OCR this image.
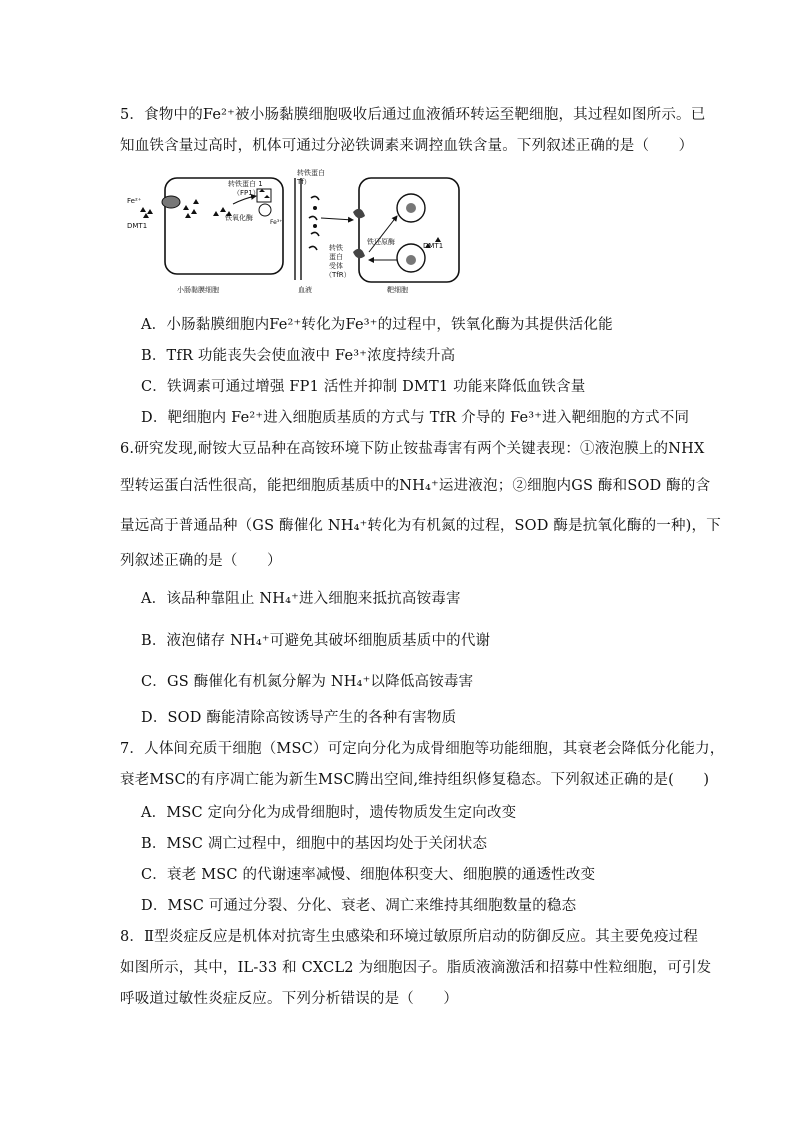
5．食物中的Fe²⁺被小肠黏膜细胞吸收后通过血液循环转运至靶细胞，其过程如图所示。已
知血铁含量过高时，机体可通过分泌铁调素来调控血铁含量。下列叙述正确的是（　　）
Fe²⁺
DMT1
转铁蛋白 1
（FP1）
铁氧化酶
Fe³⁺
转铁蛋白
Tf）
转铁
蛋白
受体
（TfR）
血液
铁还原酶	DMT1
靶细胞
小肠黏膜细胞
A．小肠黏膜细胞内Fe²⁺转化为Fe³⁺的过程中，铁氧化酶为其提供活化能
B．TfR 功能丧失会使血液中 Fe³⁺浓度持续升高
C．铁调素可通过增强 FP1 活性并抑制 DMT1 功能来降低血铁含量
D．靶细胞内 Fe²⁺进入细胞质基质的方式与 TfR 介导的 Fe³⁺进入靶细胞的方式不同
6.研究发现,耐铵大豆品种在高铵环境下防止铵盐毒害有两个关键表现：①液泡膜上的NHX
型转运蛋白活性很高，能把细胞质基质中的NH₄⁺运进液泡；②细胞内GS 酶和SOD 酶的含
量远高于普通品种（GS 酶催化 NH₄⁺转化为有机氮的过程，SOD 酶是抗氧化酶的一种)，下
列叙述正确的是（　　）
A．该品种靠阻止 NH₄⁺进入细胞来抵抗高铵毒害
B．液泡储存 NH₄⁺可避免其破坏细胞质基质中的代谢
C．GS 酶催化有机氮分解为 NH₄⁺以降低高铵毒害
D．SOD 酶能清除高铵诱导产生的各种有害物质
7．人体间充质干细胞（MSC）可定向分化为成骨细胞等功能细胞，其衰老会降低分化能力，
衰老MSC的有序凋亡能为新生MSC腾出空间,维持组织修复稳态。下列叙述正确的是(　　)
A．MSC 定向分化为成骨细胞时，遗传物质发生定向改变
B．MSC 凋亡过程中，细胞中的基因均处于关闭状态
C．衰老 MSC 的代谢速率减慢、细胞体积变大、细胞膜的通透性改变
D．MSC 可通过分裂、分化、衰老、凋亡来维持其细胞数量的稳态
8．Ⅱ型炎症反应是机体对抗寄生虫感染和环境过敏原所启动的防御反应。其主要免疫过程
如图所示，其中，IL-33 和 CXCL2 为细胞因子。脂质液滴激活和招募中性粒细胞，可引发
呼吸道过敏性炎症反应。下列分析错误的是（　　）
